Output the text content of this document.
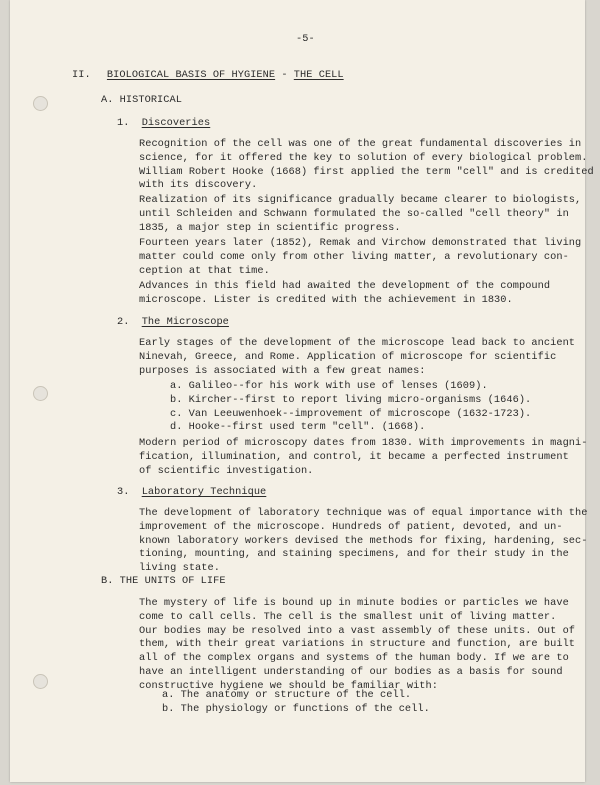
-5-
II. BIOLOGICAL BASIS OF HYGIENE - THE CELL
A. HISTORICAL
1. Discoveries
Recognition of the cell was one of the great fundamental discoveries in
science, for it offered the key to solution of every biological problem.
William Robert Hooke (1668) first applied the term "cell" and is credited
with its discovery.
Realization of its significance gradually became clearer to biologists,
until Schleiden and Schwann formulated the so-called "cell theory" in
1835, a major step in scientific progress.
Fourteen years later (1852), Remak and Virchow demonstrated that living
matter could come only from other living matter, a revolutionary con-
ception at that time.
Advances in this field had awaited the development of the compound
microscope. Lister is credited with the achievement in 1830.
2. The Microscope
Early stages of the development of the microscope lead back to ancient
Ninevah, Greece, and Rome. Application of microscope for scientific
purposes is associated with a few great names:
a. Galileo--for his work with use of lenses (1609).
b. Kircher--first to report living micro-organisms (1646).
c. Van Leeuwenhoek--improvement of microscope (1632-1723).
d. Hooke--first used term "cell". (1668).
Modern period of microscopy dates from 1830. With improvements in magni-
fication, illumination, and control, it became a perfected instrument
of scientific investigation.
3. Laboratory Technique
The development of laboratory technique was of equal importance with the
improvement of the microscope. Hundreds of patient, devoted, and un-
known laboratory workers devised the methods for fixing, hardening, sec-
tioning, mounting, and staining specimens, and for their study in the
living state.
B. THE UNITS OF LIFE
The mystery of life is bound up in minute bodies or particles we have
come to call cells. The cell is the smallest unit of living matter.
Our bodies may be resolved into a vast assembly of these units. Out of
them, with their great variations in structure and function, are built
all of the complex organs and systems of the human body. If we are to
have an intelligent understanding of our bodies as a basis for sound
constructive hygiene we should be familiar with:
a. The anatomy or structure of the cell.
b. The physiology or functions of the cell.
